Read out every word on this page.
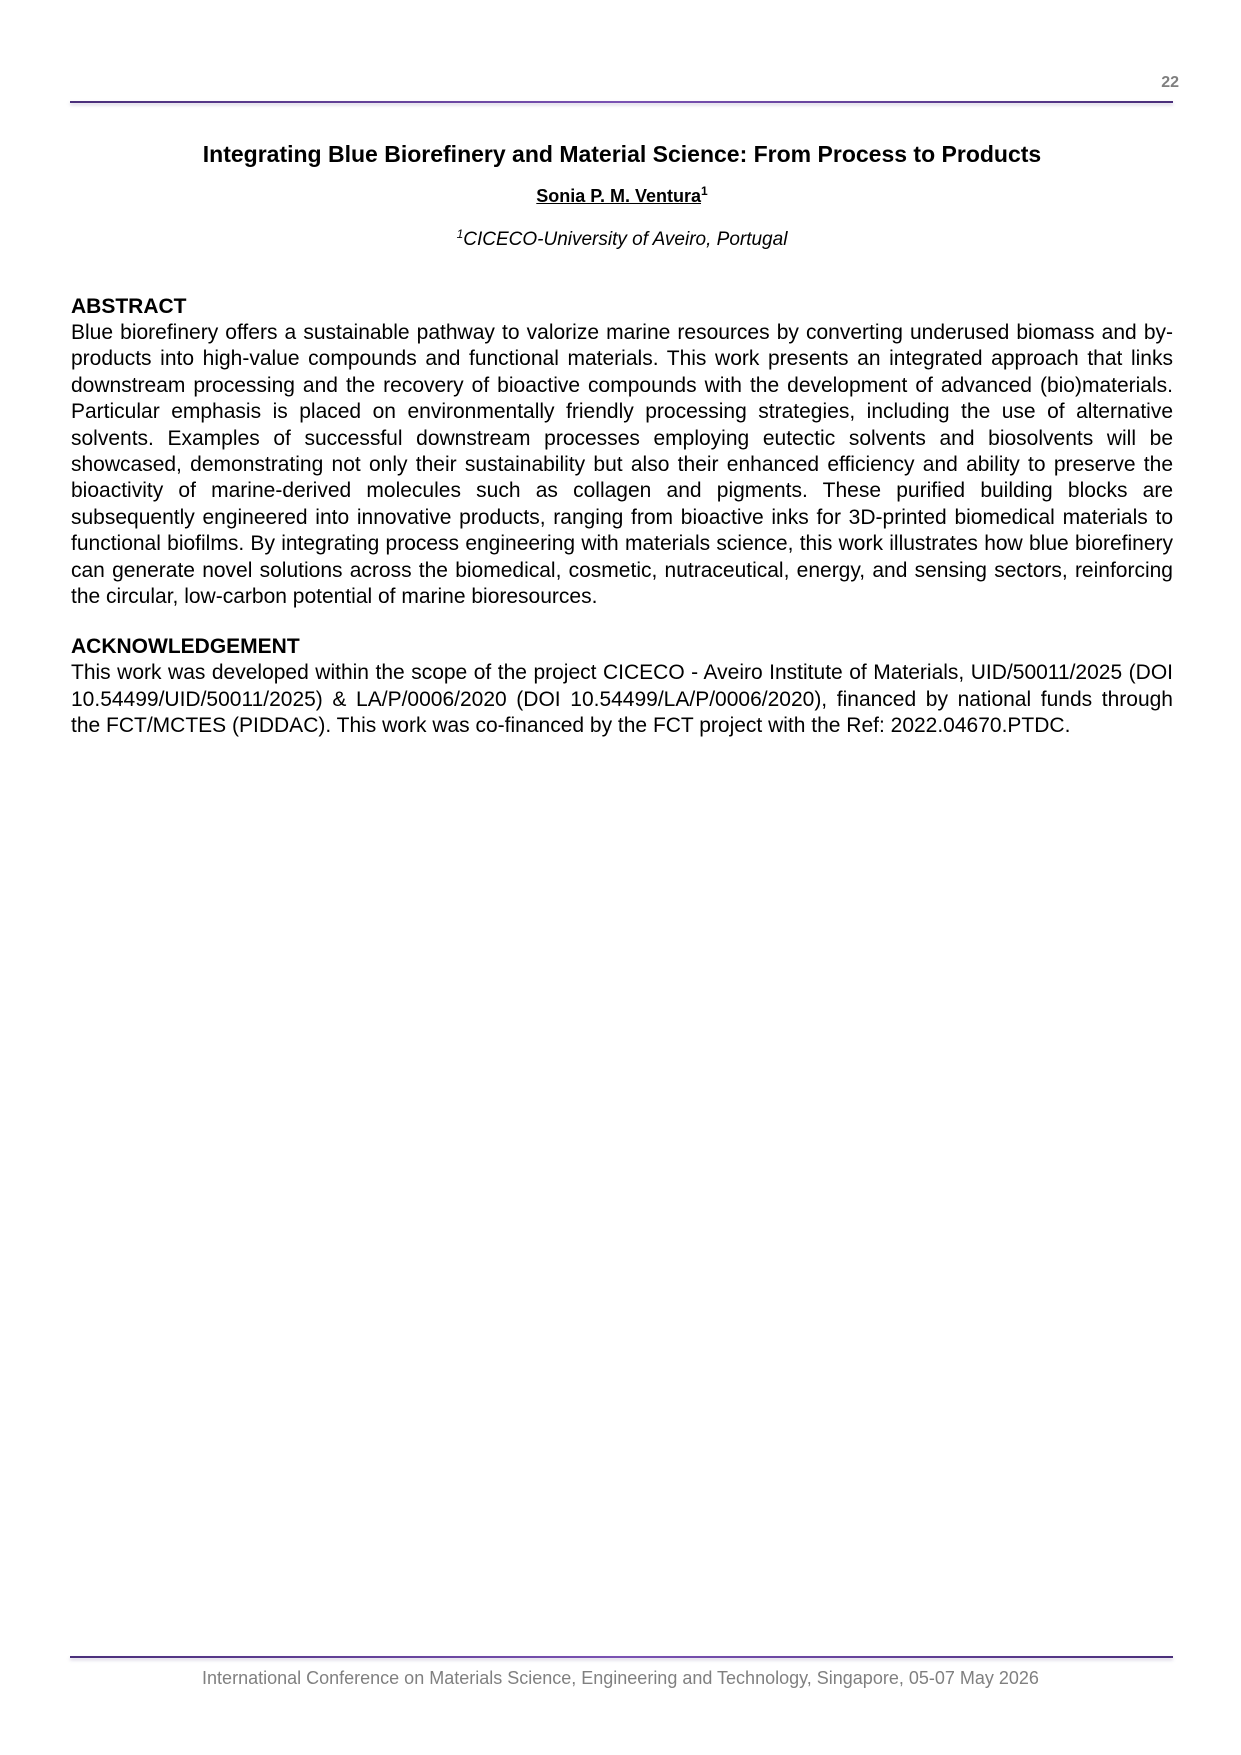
22
Integrating Blue Biorefinery and Material Science: From Process to Products
Sonia P. M. Ventura$^1$
$^1$CICECO-University of Aveiro, Portugal
ABSTRACT

Blue biorefinery offers a sustainable pathway to valorize marine resources by converting underused biomass and by-products into high-value compounds and functional materials. This work presents an integrated approach that links downstream processing and the recovery of bioactive compounds with the development of advanced (bio)materials. Particular emphasis is placed on environmentally friendly processing strategies, including the use of alternative solvents. Examples of successful downstream processes employing eutectic solvents and biosolvents will be showcased, demonstrating not only their sustainability but also their enhanced efficiency and ability to preserve the bioactivity of marine-derived molecules such as collagen and pigments. These purified building blocks are subsequently engineered into innovative products, ranging from bioactive inks for 3D-printed biomedical materials to functional biofilms. By integrating process engineering with materials science, this work illustrates how blue biorefinery can generate novel solutions across the biomedical, cosmetic, nutraceutical, energy, and sensing sectors, reinforcing the circular, low-carbon potential of marine bioresources.

ACKNOWLEDGEMENT

This work was developed within the scope of the project CICECO - Aveiro Institute of Materials, UID/50011/2025 (DOI 10.54499/UID/50011/2025) & LA/P/0006/2020 (DOI 10.54499/LA/P/0006/2020), financed by national funds through the FCT/MCTES (PIDDAC). This work was co-financed by the FCT project with the Ref: 2022.04670.PTDC.

International Conference on Materials Science, Engineering and Technology, Singapore, 05-07 May 2026
